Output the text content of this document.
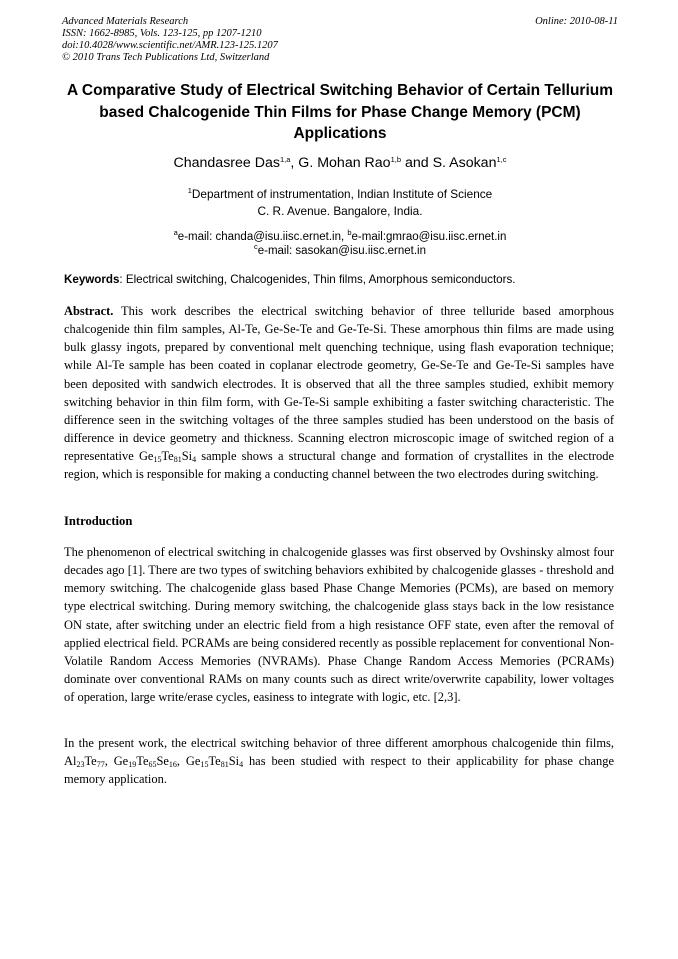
Advanced Materials Research	Online: 2010-08-11
ISSN: 1662-8985, Vols. 123-125, pp 1207-1210
doi:10.4028/www.scientific.net/AMR.123-125.1207
© 2010 Trans Tech Publications Ltd, Switzerland
A Comparative Study of Electrical Switching Behavior of Certain Tellurium based Chalcogenide Thin Films for Phase Change Memory (PCM) Applications
Chandasree Das$^{1,a}$, G. Mohan Rao$^{1,b}$ and S. Asokan$^{1,c}$
$^1$Department of instrumentation, Indian Institute of Science
C. R. Avenue. Bangalore, India.
$^a$e-mail: chanda@isu.iisc.ernet.in, $^b$e-mail:gmrao@isu.iisc.ernet.in
$^c$e-mail: sasokan@isu.iisc.ernet.in
Keywords: Electrical switching, Chalcogenides, Thin films, Amorphous semiconductors.
Abstract. This work describes the electrical switching behavior of three telluride based amorphous chalcogenide thin film samples, Al-Te, Ge-Se-Te and Ge-Te-Si. These amorphous thin films are made using bulk glassy ingots, prepared by conventional melt quenching technique, using flash evaporation technique; while Al-Te sample has been coated in coplanar electrode geometry, Ge-Se-Te and Ge-Te-Si samples have been deposited with sandwich electrodes. It is observed that all the three samples studied, exhibit memory switching behavior in thin film form, with Ge-Te-Si sample exhibiting a faster switching characteristic. The difference seen in the switching voltages of the three samples studied has been understood on the basis of difference in device geometry and thickness. Scanning electron microscopic image of switched region of a representative $Ge_{15}Te_{81}Si_4$ sample shows a structural change and formation of crystallites in the electrode region, which is responsible for making a conducting channel between the two electrodes during switching.
Introduction
The phenomenon of electrical switching in chalcogenide glasses was first observed by Ovshinsky almost four decades ago [1]. There are two types of switching behaviors exhibited by chalcogenide glasses - threshold and memory switching. The chalcogenide glass based Phase Change Memories (PCMs), are based on memory type electrical switching. During memory switching, the chalcogenide glass stays back in the low resistance ON state, after switching under an electric field from a high resistance OFF state, even after the removal of applied electrical field. PCRAMs are being considered recently as possible replacement for conventional Non-Volatile Random Access Memories (NVRAMs). Phase Change Random Access Memories (PCRAMs) dominate over conventional RAMs on many counts such as direct write/overwrite capability, lower voltages of operation, large write/erase cycles, easiness to integrate with logic, etc. [2,3].
In the present work, the electrical switching behavior of three different amorphous chalcogenide thin films, $Al_{23}Te_{77}$, $Ge_{19}Te_{65}Se_{16}$, $Ge_{15}Te_{81}Si_4$ has been studied with respect to their applicability for phase change memory application.
